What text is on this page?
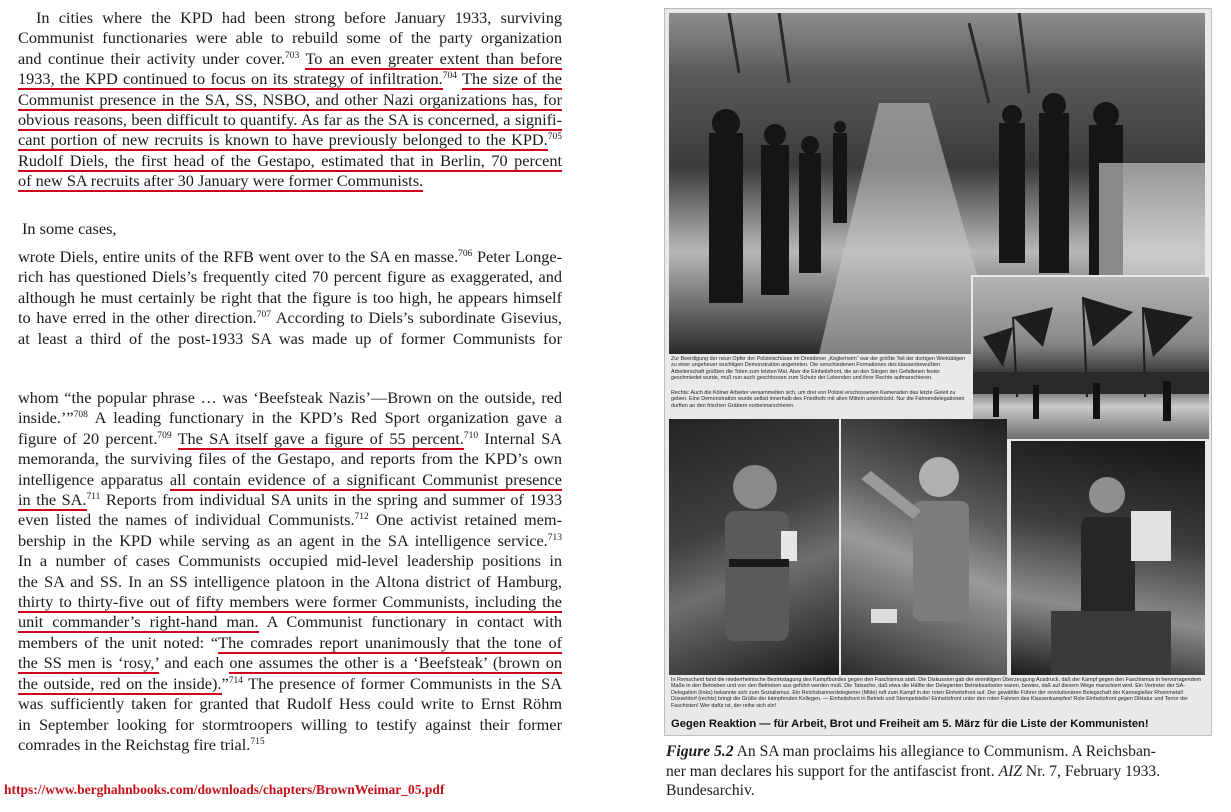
In cities where the KPD had been strong before January 1933, surviving
Communist functionaries were able to rebuild some of the party organization
and continue their activity under cover.$^{703}$ To an even greater extent than before
1933, the KPD continued to focus on its strategy of infiltration.$^{704}$ The size of the
Communist presence in the SA, SS, NSBO, and other Nazi organizations has, for
obvious reasons, been difficult to quantify. As far as the SA is concerned, a signifi-
cant portion of new recruits is known to have previously belonged to the KPD.$^{705}$
Rudolf Diels, the first head of the Gestapo, estimated that in Berlin, 70 percent
of new SA recruits after 30 January were former Communists.
In some cases,
wrote Diels, entire units of the RFB went over to the SA en masse.$^{706}$ Peter Longe-
rich has questioned Diels’s frequently cited 70 percent figure as exaggerated, and
although he must certainly be right that the figure is too high, he appears himself
to have erred in the other direction.$^{707}$ According to Diels’s subordinate Gisevius,
at least a third of the post-1933 SA was made up of former Communists for
whom “the popular phrase … was ‘Beefsteak Nazis’—Brown on the outside, red
inside.’”$^{708}$ A leading functionary in the KPD’s Red Sport organization gave a
figure of 20 percent.$^{709}$ The SA itself gave a figure of 55 percent.$^{710}$ Internal SA
memoranda, the surviving files of the Gestapo, and reports from the KPD’s own
intelligence apparatus all contain evidence of a significant Communist presence
in the SA.$^{711}$ Reports from individual SA units in the spring and summer of 1933
even listed the names of individual Communists.$^{712}$ One activist retained mem-
bership in the KPD while serving as an agent in the SA intelligence service.$^{713}$
In a number of cases Communists occupied mid-level leadership positions in
the SA and SS. In an SS intelligence platoon in the Altona district of Hamburg,
thirty to thirty-five out of fifty members were former Communists, including the
unit commander’s right-hand man. A Communist functionary in contact with
members of the unit noted: “The comrades report unanimously that the tone of
the SS men is ‘rosy,’ and each one assumes the other is a ‘Beefsteak’ (brown on
the outside, red on the inside).”$^{714}$ The presence of former Communists in the SA
was sufficiently taken for granted that Rudolf Hess could write to Ernst Röhm
in September looking for stormtroopers willing to testify against their former
comrades in the Reichstag fire trial.$^{715}$
https://www.berghahnbooks.com/downloads/chapters/BrownWeimar_05.pdf
Zur Beerdigung der neun Opfer der Polizeischüsse im Dresdener „Keglerheim“ war der größte Teil der dortigen Werktätigen zu einer ungeheuer wuchtigen Demonstration angetreten. Die verschiedenen Formationen des klassenbewußten Arbeiterschaft grüßten die Toten zum letzten Mal. Aber die Einheitsfront, die an den Särgen der Gefallenen fester geschmiedet wurde, muß nun auch geschlossen zum Schutz der Lebenden und ihrer Rechte aufmarschieren.
Rechts: Auch die Kölner Arbeiter versammelten sich, um drei von Polizei erschossenen Kameraden das letzte Geleit zu geben. Eine Demonstration wurde selbst innerhalb des Friedhofs mit allen Mitteln unterdrückt. Nur die Fahnendelegationen durften an den frischen Gräbern vorbeimarschieren.
In Remscheid fand die niederrheinische Bezirkstagung des Kampfbundes gegen den Faschismus statt. Die Diskussion gab der einmiitigen Überzeugung Ausdruck, daß der Kampf gegen den Faschismus in hervorragendem Maße in den Betrieben und von den Betrieben aus geführt werden muß. Die Tatsache, daß etwa die Hälfte der Delegierten Betriebsarbeiter waren, bewies, daß auf diesem Wege marschiert wird. Ein Vertreter der SA-Delegation (links) bekannte sich zum Sozialismus. Ein Reichsbannerdelegierter (Mitte) ruft zum Kampf in der roten Einheitsfront auf. Der gewählte Führer der revolutionären Belegschaft der Kannegießer Rheinmetall Düsseldorf (rechts) bringt die Grüße der kämpfenden Kollegen. — Einheitsfront in Betrieb und Stempelstelle! Einheitsfront unter den roten Fahnen des Klassenkampfes! Rote Einheitsfront gegen Diktatur und Terror der Faschisten! Wer dafür ist, der reihe sich ein!
Gegen Reaktion — für Arbeit, Brot und Freiheit am 5. März für die Liste der Kommunisten!
Figure 5.2 An SA man proclaims his allegiance to Communism. A Reichsban-
ner man declares his support for the antifascist front. AIZ Nr. 7, February 1933.
Bundesarchiv.
